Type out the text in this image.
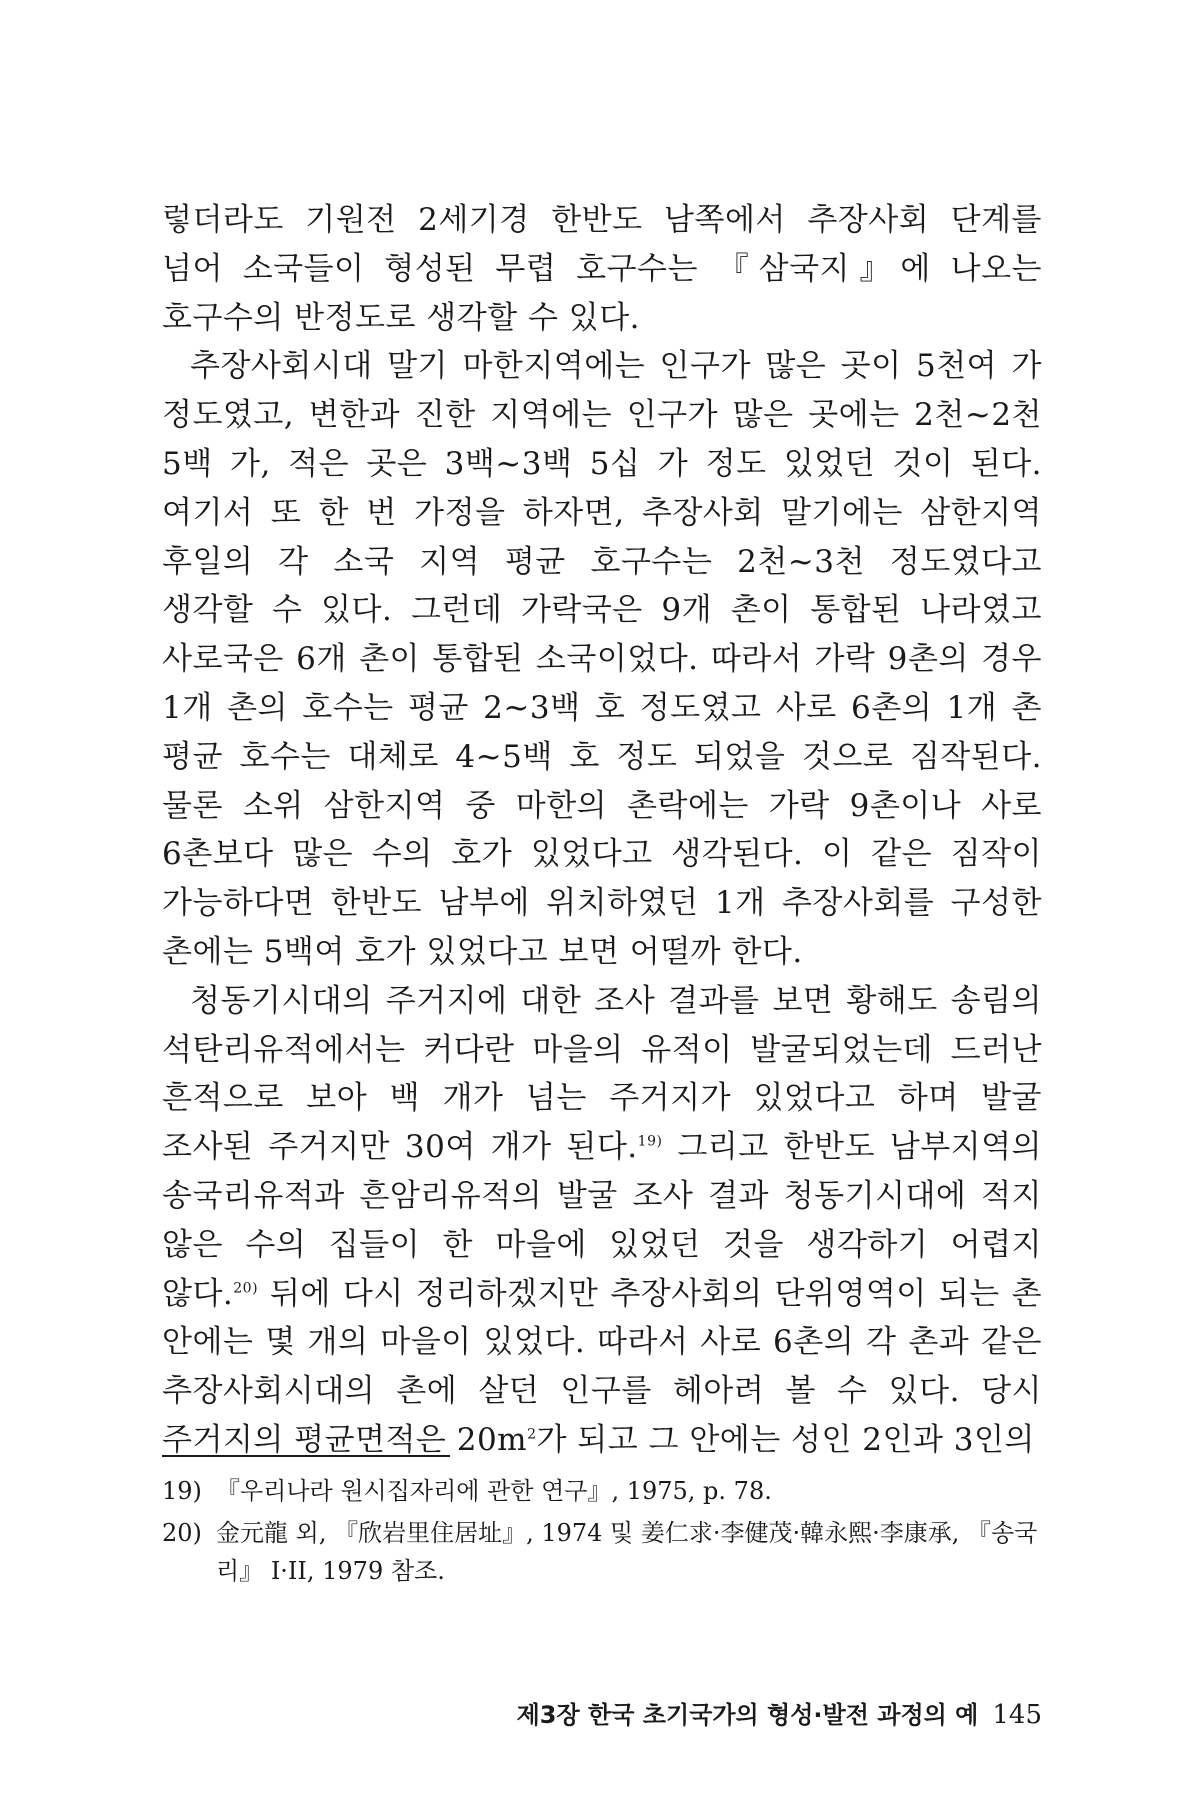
렇더라도 기원전 2세기경 한반도 남쪽에서 추장사회 단계를 넘어 소국들이 형성된 무렵 호구수는 『삼국지』에 나오는 호구수의 반정도로 생각할 수 있다.

추장사회시대 말기 마한지역에는 인구가 많은 곳이 5천여 가 정도였고, 변한과 진한 지역에는 인구가 많은 곳에는 2천~2천 5백 가, 적은 곳은 3백~3백 5십 가 정도 있었던 것이 된다. 여기서 또 한 번 가정을 하자면, 추장사회 말기에는 삼한지역 후일의 각 소국 지역 평균 호구수는 2천~3천 정도였다고 생각할 수 있다. 그런데 가락국은 9개 촌이 통합된 나라였고 사로국은 6개 촌이 통합된 소국이었다. 따라서 가락 9촌의 경우 1개 촌의 호수는 평균 2~3백 호 정도였고 사로 6촌의 1개 촌 평균 호수는 대체로 4~5백 호 정도 되었을 것으로 짐작된다. 물론 소위 삼한지역 중 마한의 촌락에는 가락 9촌이나 사로 6촌보다 많은 수의 호가 있었다고 생각된다. 이 같은 짐작이 가능하다면 한반도 남부에 위치하였던 1개 추장사회를 구성한 촌에는 5백여 호가 있었다고 보면 어떨까 한다.

청동기시대의 주거지에 대한 조사 결과를 보면 황해도 송림의 석탄리유적에서는 커다란 마을의 유적이 발굴되었는데 드러난 흔적으로 보아 백 개가 넘는 주거지가 있었다고 하며 발굴 조사된 주거지만 30여 개가 된다.$^{19)}$ 그리고 한반도 남부지역의 송국리유적과 흔암리유적의 발굴 조사 결과 청동기시대에 적지 않은 수의 집들이 한 마을에 있었던 것을 생각하기 어렵지 않다.$^{20)}$ 뒤에 다시 정리하겠지만 추장사회의 단위영역이 되는 촌 안에는 몇 개의 마을이 있었다. 따라서 사로 6촌의 각 촌과 같은 추장사회시대의 촌에 살던 인구를 헤아려 볼 수 있다. 당시 주거지의 평균면적은 $20m^2$가 되고 그 안에는 성인 2인과 3인의

19) 『우리나라 원시집자리에 관한 연구』, 1975, p. 78.
20) 金元龍 외, 『欣岩里住居址』, 1974 및 姜仁求·李健茂·韓永熙·李康承, 『송국리』 I·II, 1979 참조.
제3장 한국 초기국가의 형성·발전 과정의 예 145
